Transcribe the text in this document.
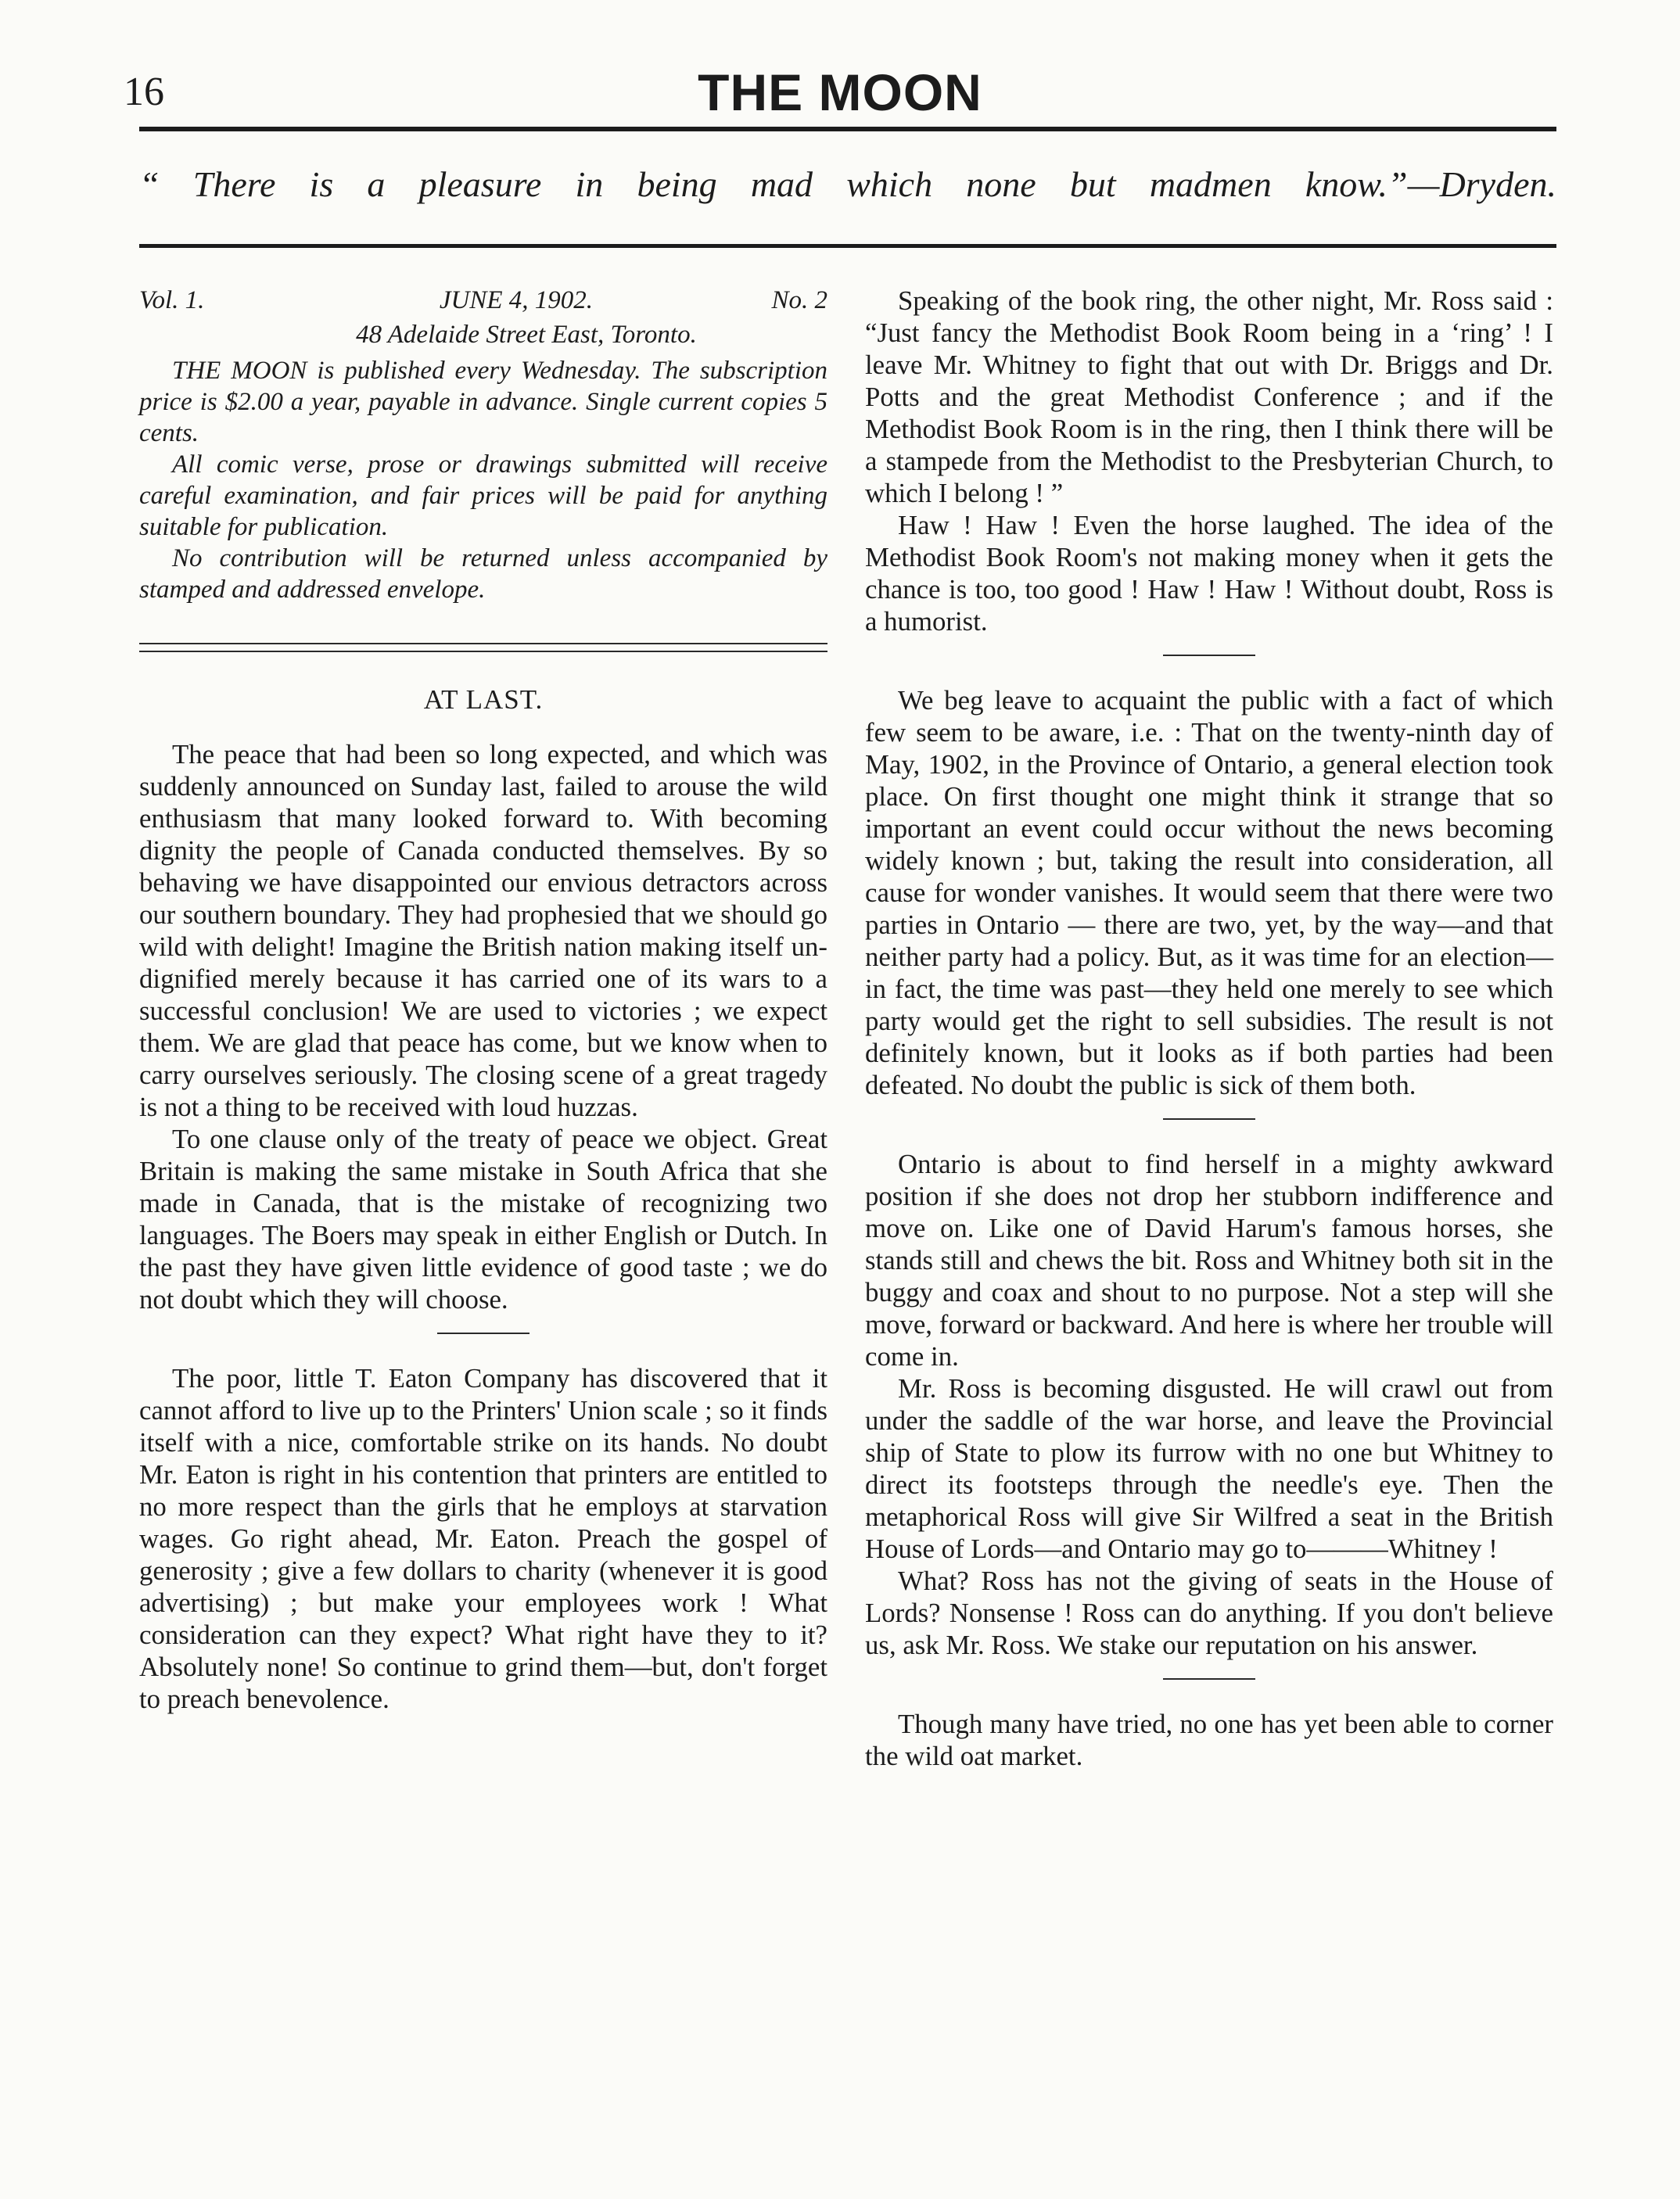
16	THE MOON
“ There is a pleasure in being mad which none but madmen know.”—Dryden.
Vol. 1.	JUNE 4, 1902.	No. 2
48 Adelaide Street East, Toronto.

THE MOON is published every Wednesday. The subscription price is $2.00 a year, payable in advance. Single current copies 5 cents.

All comic verse, prose or drawings submitted will receive careful examination, and fair prices will be paid for anything suitable for publication.

No contribution will be returned unless accompanied by stamped and addressed envelope.

AT LAST.

The peace that had been so long expected, and which was suddenly announced on Sunday last, failed to arouse the wild enthusiasm that many looked forward to. With becoming dignity the people of Canada conducted themselves. By so behaving we have disappointed our envious detractors across our southern boundary. They had prophesied that we should go wild with delight! Imagine the British nation making itself undignified merely because it has carried one of its wars to a successful conclusion! We are used to victories ; we expect them. We are glad that peace has come, but we know when to carry ourselves seriously. The closing scene of a great tragedy is not a thing to be received with loud huzzas.

To one clause only of the treaty of peace we object. Great Britain is making the same mistake in South Africa that she made in Canada, that is the mistake of recognizing two languages. The Boers may speak in either English or Dutch. In the past they have given little evidence of good taste ; we do not doubt which they will choose.

The poor, little T. Eaton Company has discovered that it cannot afford to live up to the Printers' Union scale ; so it finds itself with a nice, comfortable strike on its hands. No doubt Mr. Eaton is right in his contention that printers are entitled to no more respect than the girls that he employs at starvation wages. Go right ahead, Mr. Eaton. Preach the gospel of generosity ; give a few dollars to charity (whenever it is good advertising) ; but make your employees work ! What consideration can they expect? What right have they to it? Absolutely none! So continue to grind them—but, don't forget to preach benevolence.

Speaking of the book ring, the other night, Mr. Ross said : “Just fancy the Methodist Book Room being in a ‘ring’ ! I leave Mr. Whitney to fight that out with Dr. Briggs and Dr. Potts and the great Methodist Conference ; and if the Methodist Book Room is in the ring, then I think there will be a stampede from the Methodist to the Presbyterian Church, to which I belong ! ”

Haw ! Haw ! Even the horse laughed. The idea of the Methodist Book Room's not making money when it gets the chance is too, too good ! Haw ! Haw ! Without doubt, Ross is a humorist.

We beg leave to acquaint the public with a fact of which few seem to be aware, i.e. : That on the twenty-ninth day of May, 1902, in the Province of Ontario, a general election took place. On first thought one might think it strange that so important an event could occur without the news becoming widely known ; but, taking the result into consideration, all cause for wonder vanishes. It would seem that there were two parties in Ontario — there are two, yet, by the way—and that neither party had a policy. But, as it was time for an election—in fact, the time was past—they held one merely to see which party would get the right to sell subsidies. The result is not definitely known, but it looks as if both parties had been defeated. No doubt the public is sick of them both.

Ontario is about to find herself in a mighty awkward position if she does not drop her stubborn indifference and move on. Like one of David Harum's famous horses, she stands still and chews the bit. Ross and Whitney both sit in the buggy and coax and shout to no purpose. Not a step will she move, forward or backward. And here is where her trouble will come in.

Mr. Ross is becoming disgusted. He will crawl out from under the saddle of the war horse, and leave the Provincial ship of State to plow its furrow with no one but Whitney to direct its footsteps through the needle's eye. Then the metaphorical Ross will give Sir Wilfred a seat in the British House of Lords—and Ontario may go to———Whitney !

What? Ross has not the giving of seats in the House of Lords? Nonsense ! Ross can do anything. If you don't believe us, ask Mr. Ross. We stake our reputation on his answer.

Though many have tried, no one has yet been able to corner the wild oat market.
